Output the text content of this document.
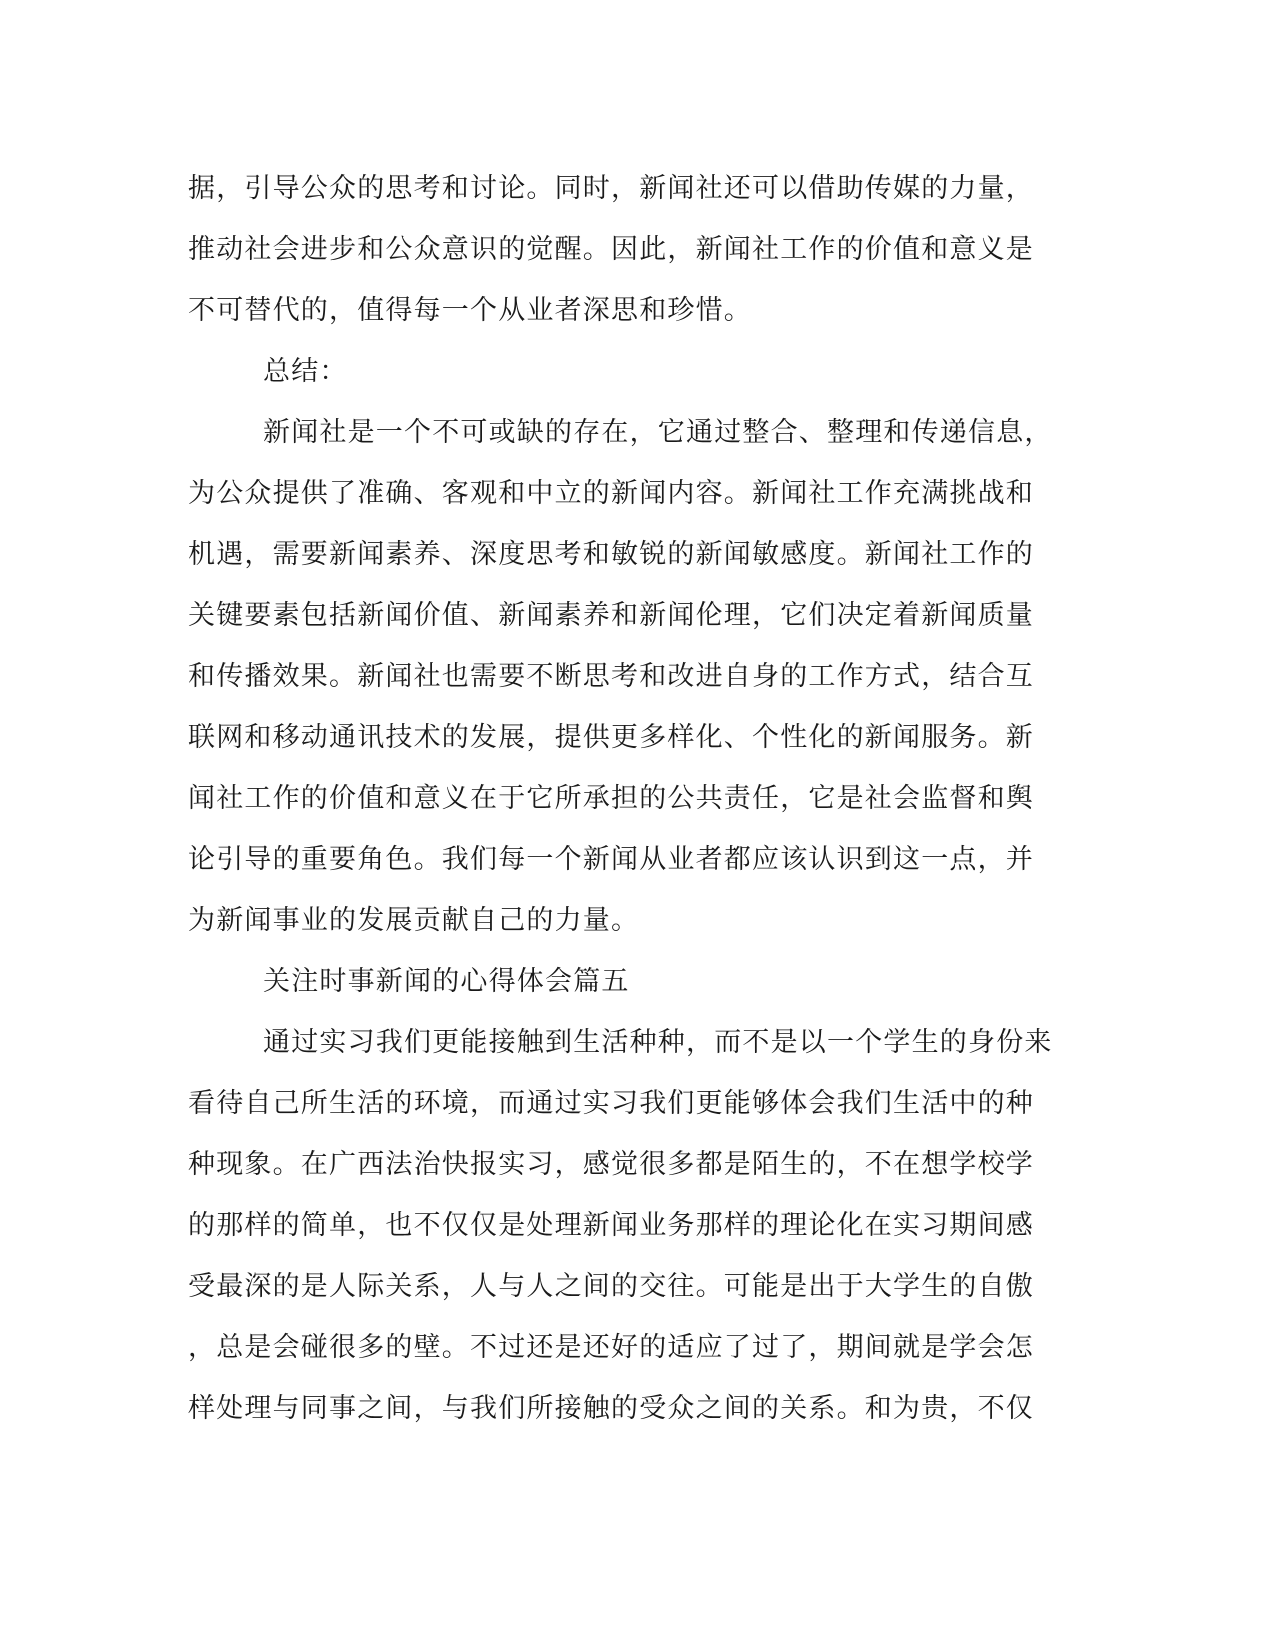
据，引导公众的思考和讨论。同时，新闻社还可以借助传媒的力量，
推动社会进步和公众意识的觉醒。因此，新闻社工作的价值和意义是
不可替代的，值得每一个从业者深思和珍惜。
总结：
新闻社是一个不可或缺的存在，它通过整合、整理和传递信息，
为公众提供了准确、客观和中立的新闻内容。新闻社工作充满挑战和
机遇，需要新闻素养、深度思考和敏锐的新闻敏感度。新闻社工作的
关键要素包括新闻价值、新闻素养和新闻伦理，它们决定着新闻质量
和传播效果。新闻社也需要不断思考和改进自身的工作方式，结合互
联网和移动通讯技术的发展，提供更多样化、个性化的新闻服务。新
闻社工作的价值和意义在于它所承担的公共责任，它是社会监督和舆
论引导的重要角色。我们每一个新闻从业者都应该认识到这一点，并
为新闻事业的发展贡献自己的力量。
关注时事新闻的心得体会篇五
通过实习我们更能接触到生活种种，而不是以一个学生的身份来
看待自己所生活的环境，而通过实习我们更能够体会我们生活中的种
种现象。在广西法治快报实习，感觉很多都是陌生的，不在想学校学
的那样的简单，也不仅仅是处理新闻业务那样的理论化在实习期间感
受最深的是人际关系，人与人之间的交往。可能是出于大学生的自傲
，总是会碰很多的壁。不过还是还好的适应了过了，期间就是学会怎
样处理与同事之间，与我们所接触的受众之间的关系。和为贵，不仅
